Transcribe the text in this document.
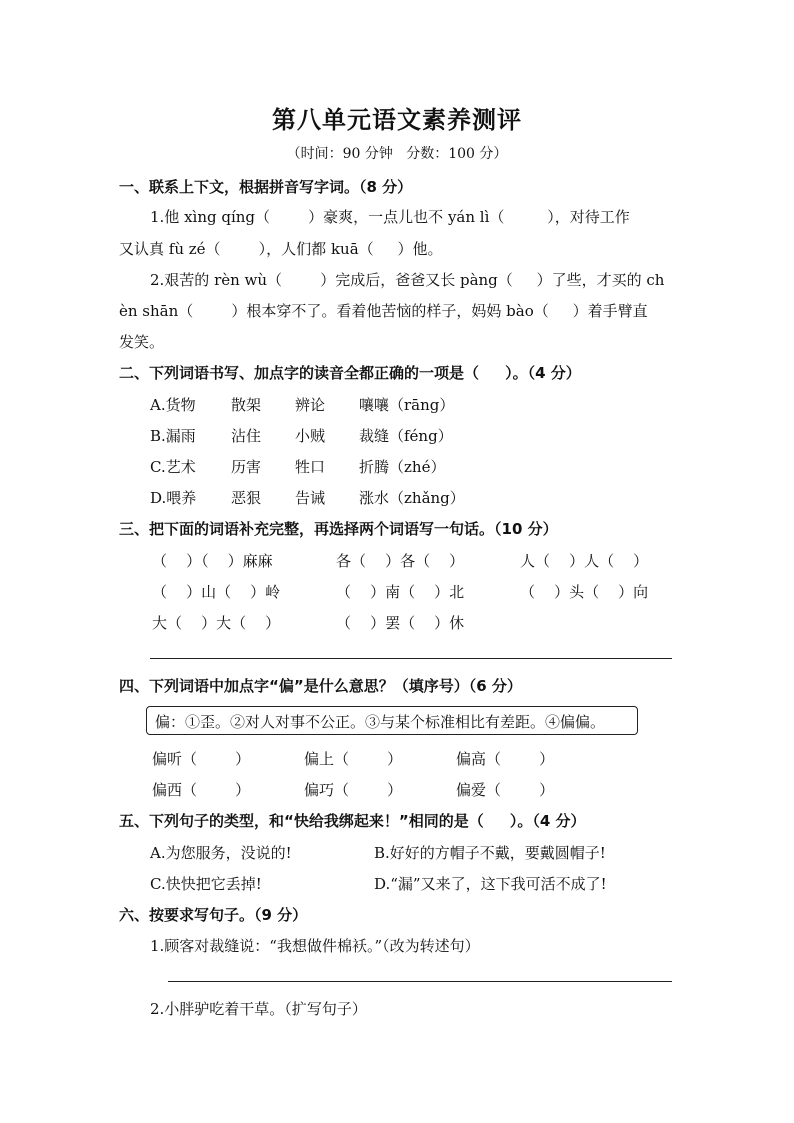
第八单元语文素养测评
（时间：90 分钟   分数：100 分）
一、联系上下文，根据拼音写字词。（8 分）
1.他 xìng qíng（        ）豪爽，一点儿也不 yán lì（         ），对待工作
又认真 fù zé（        ），人们都 kuā（     ）他。
2.艰苦的 rèn wù（        ）完成后，爸爸又长 pàng（     ）了些，才买的 ch
èn shān（        ）根本穿不了。看着他苦恼的样子，妈妈 bào（     ）着手臂直
发笑。
二、下列词语书写、加点字的读音全都正确的一项是（     ）。（4 分）
A.货物 散架 辨论 嚷嚷（rāng）
B.漏雨 沾住 小贼 裁缝（féng）
C.艺术 历害 牲口 折腾（zhé）
D.喂养 恶狠 告诫 涨水（zhǎng）
三、把下面的词语补充完整，再选择两个词语写一句话。（10 分）
（    ）（    ）麻麻	各（    ）各（    ）	人（    ）人（    ）
（    ）山（    ）岭	（    ）南（    ）北	（    ）头（    ）向
大（    ）大（    ）	（    ）罢（    ）休
四、下列词语中加点字“偏”是什么意思？（填序号）（6 分）
偏：①歪。②对人对事不公正。③与某个标准相比有差距。④偏偏。
偏听（        ）	偏上（        ）	偏高（        ）
偏西（        ）	偏巧（        ）	偏爱（        ）
五、下列句子的类型，和“快给我绑起来！”相同的是（     ）。（4 分）
A.为您服务，没说的!	B.好好的方帽子不戴，要戴圆帽子!
C.快快把它丢掉!	D.“漏”又来了，这下我可活不成了!
六、按要求写句子。（9 分）
1.顾客对裁缝说：“我想做件棉袄。”（改为转述句）
2.小胖驴吃着干草。（扩写句子）
